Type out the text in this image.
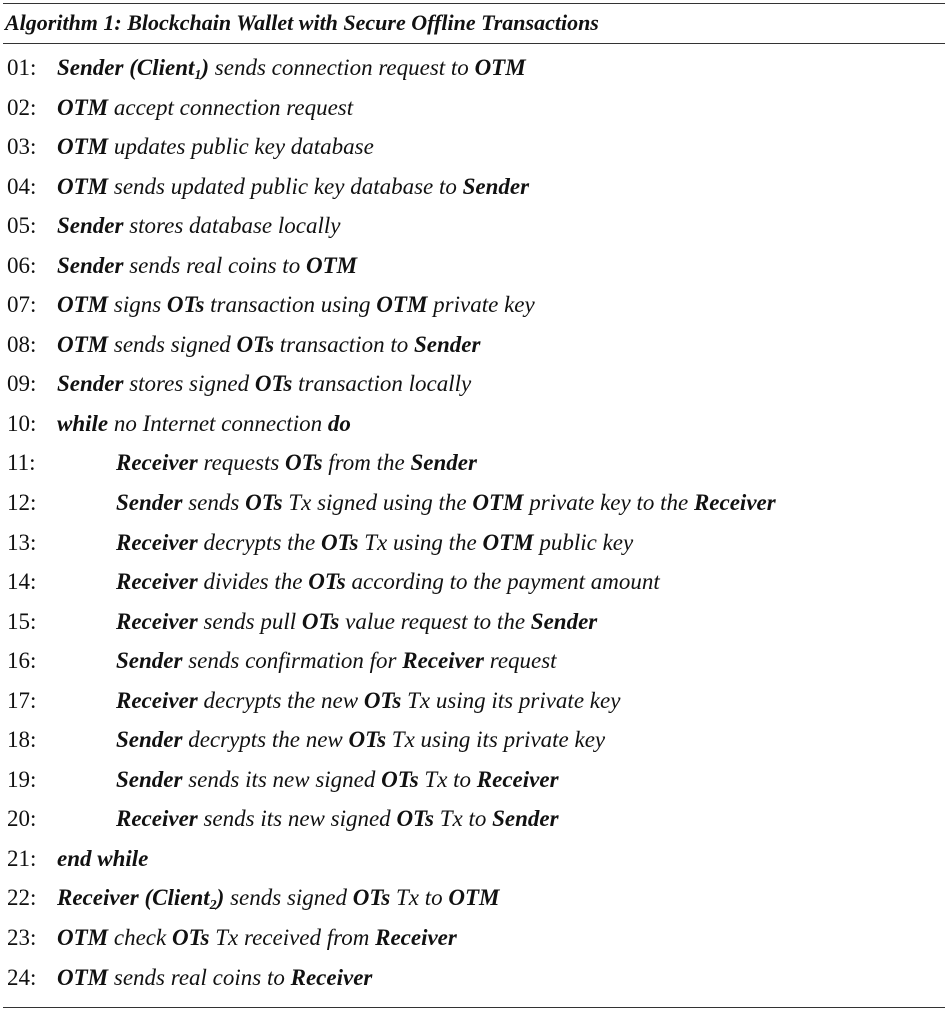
Algorithm 1: Blockchain Wallet with Secure Offline Transactions
01: Sender (Client$_1$) sends connection request to OTM
02: OTM accept connection request
03: OTM updates public key database
04: OTM sends updated public key database to Sender
05: Sender stores database locally
06: Sender sends real coins to OTM
07: OTM signs OTs transaction using OTM private key
08: OTM sends signed OTs transaction to Sender
09: Sender stores signed OTs transaction locally
10: while no Internet connection do
11:	Receiver requests OTs from the Sender
12:	Sender sends OTs Tx signed using the OTM private key to the Receiver
13:	Receiver decrypts the OTs Tx using the OTM public key
14:	Receiver divides the OTs according to the payment amount
15:	Receiver sends pull OTs value request to the Sender
16:	Sender sends confirmation for Receiver request
17:	Receiver decrypts the new OTs Tx using its private key
18:	Sender decrypts the new OTs Tx using its private key
19:	Sender sends its new signed OTs Tx to Receiver
20:	Receiver sends its new signed OTs Tx to Sender
21: end while
22: Receiver (Client$_2$) sends signed OTs Tx to OTM
23: OTM check OTs Tx received from Receiver
24: OTM sends real coins to Receiver
